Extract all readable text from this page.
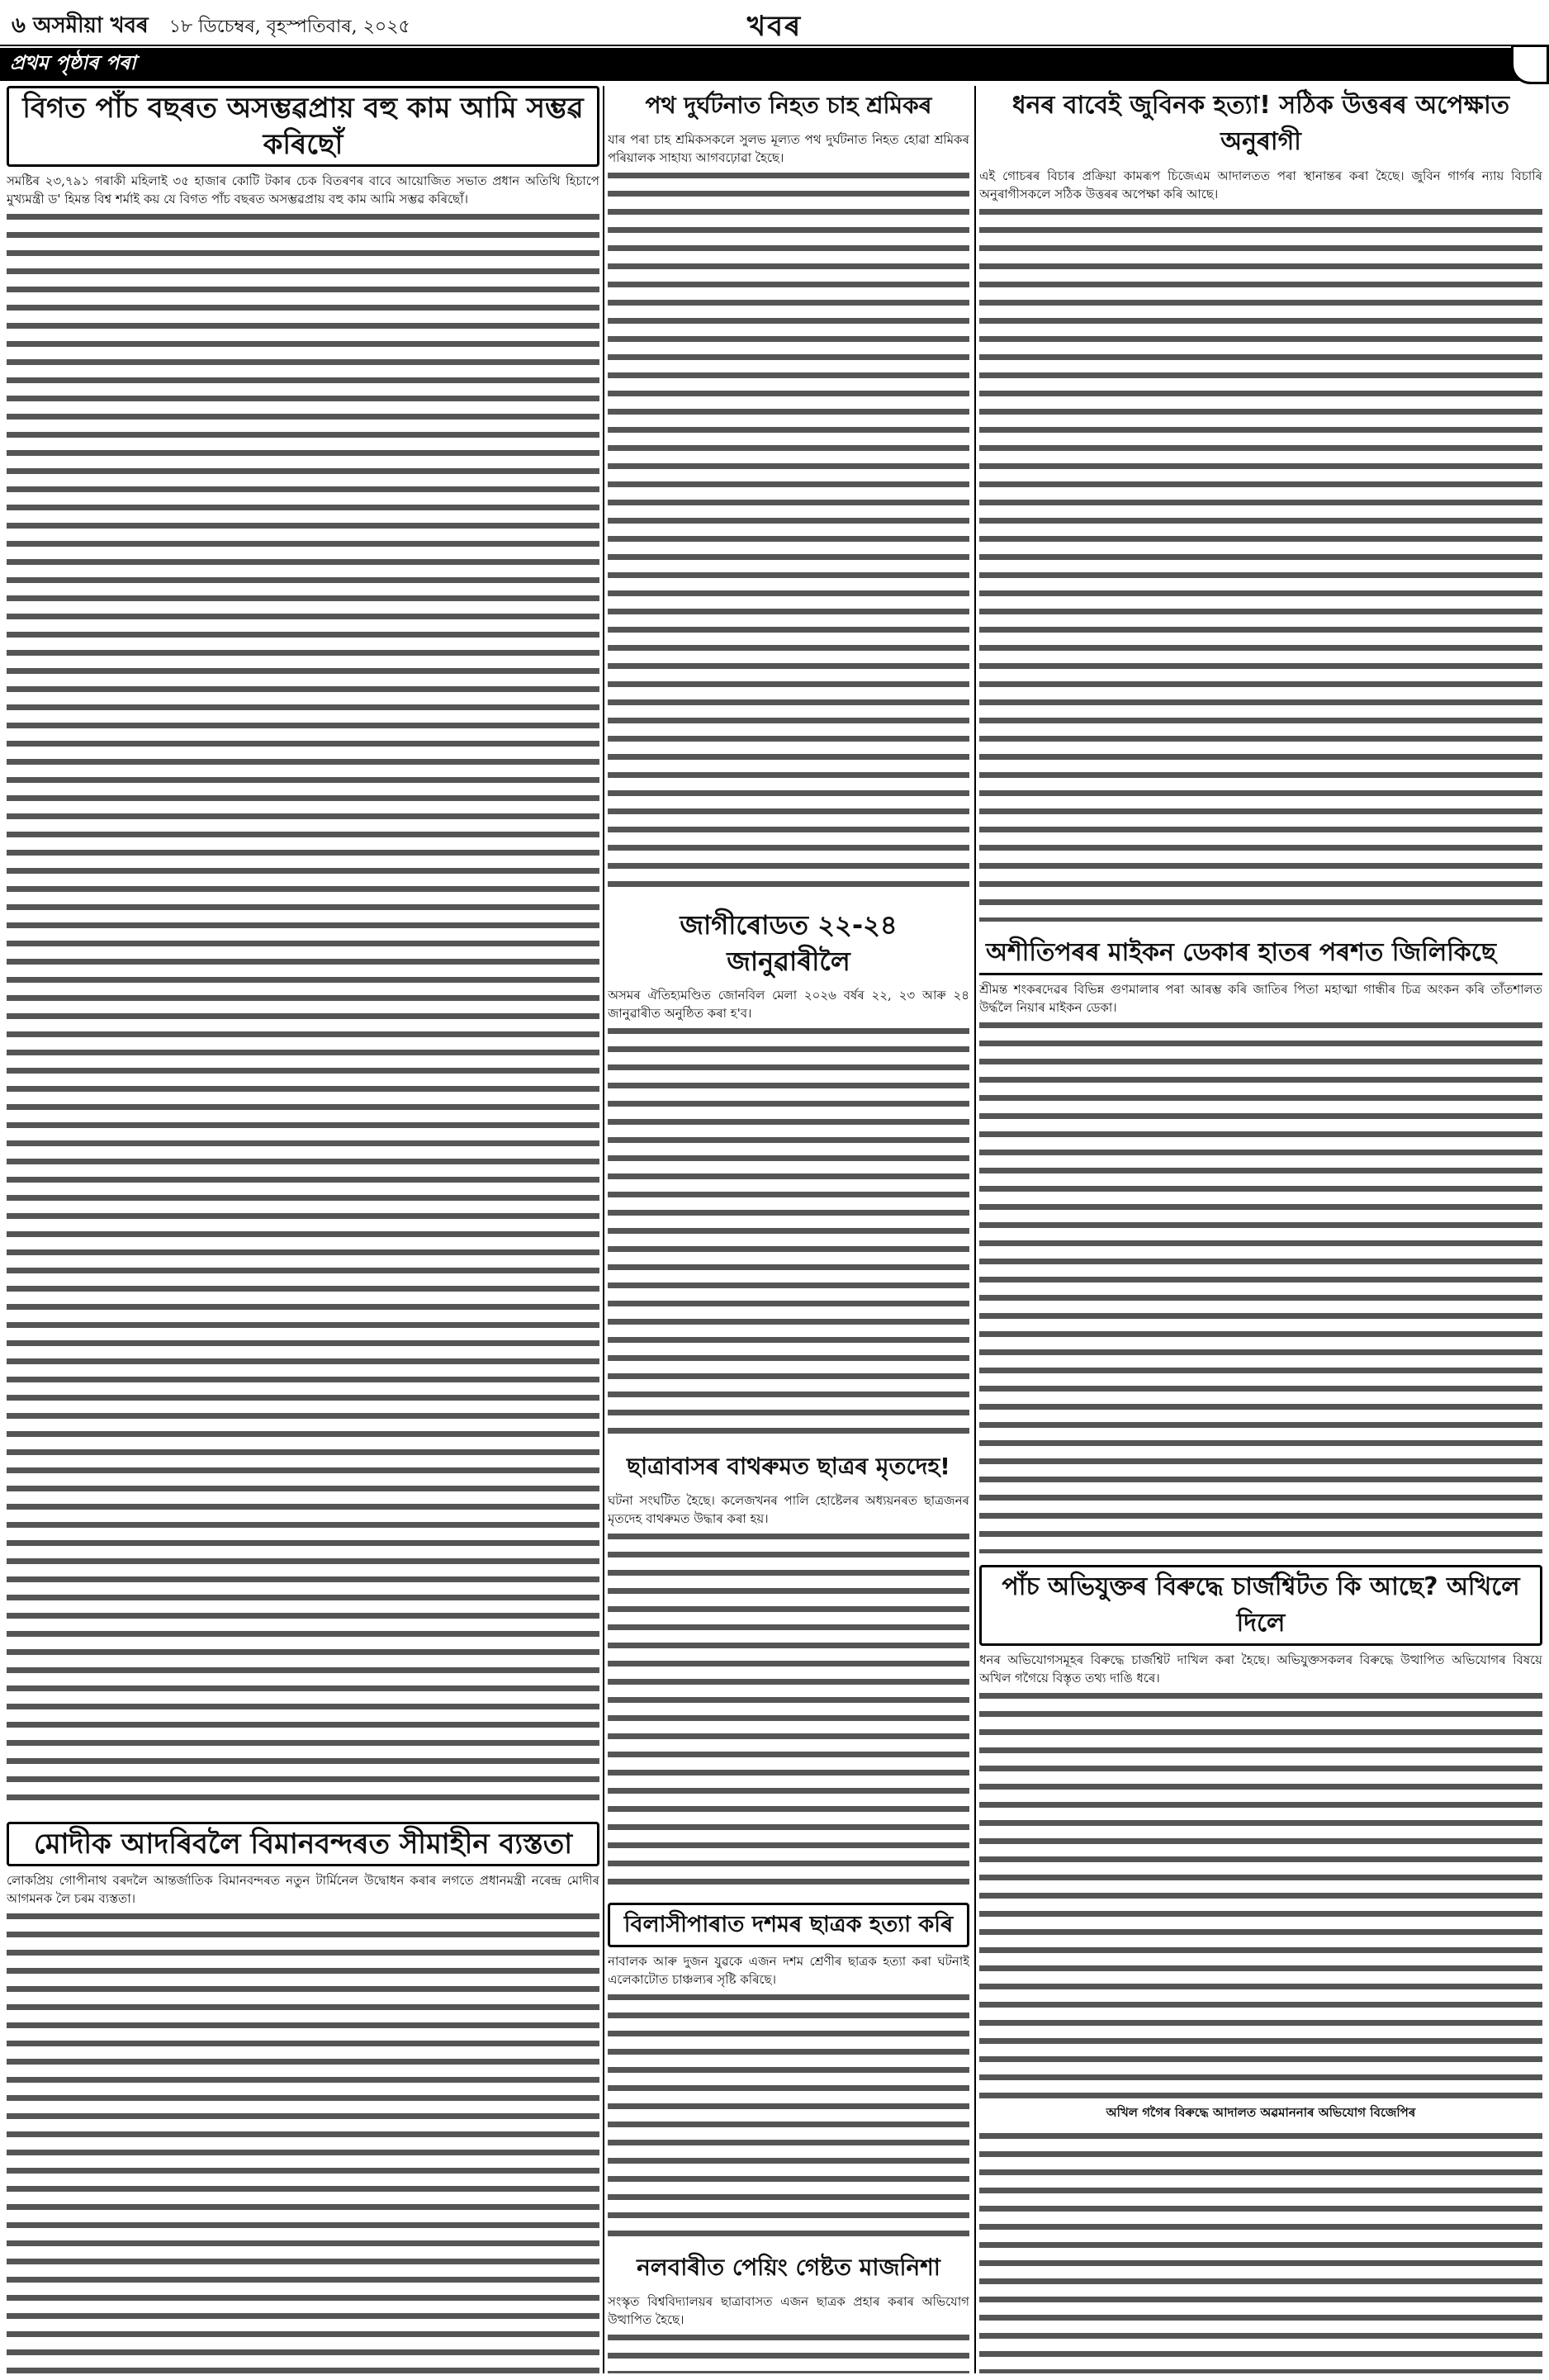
৬ অসমীয়া খবৰ ১৮ ডিচেম্বৰ, বৃহস্পতিবাৰ, ২০২৫	খবৰ
প্ৰথম পৃষ্ঠাৰ পৰা
বিগত পাঁচ বছৰত অসম্ভৱপ্ৰায় বহু কাম আমি সম্ভৱ কৰিছোঁ

সমষ্টিৰ ২৩,৭৯১ গৰাকী মহিলাই ৩৫ হাজাৰ কোটি টকাৰ চেক বিতৰণৰ বাবে আয়োজিত সভাত প্ৰধান অতিথি হিচাপে মুখ্যমন্ত্ৰী ড' হিমন্ত বিশ্ব শৰ্মাই কয় যে বিগত পাঁচ বছৰত অসম্ভৱপ্ৰায় বহু কাম আমি সম্ভৱ কৰিছোঁ।

মোদীক আদৰিবলৈ বিমানবন্দৰত সীমাহীন ব্যস্ততা

লোকপ্ৰিয় গোপীনাথ বৰদলৈ আন্তৰ্জাতিক বিমানবন্দৰত নতুন টাৰ্মিনেল উদ্বোধন কৰাৰ লগতে প্ৰধানমন্ত্ৰী নৰেন্দ্ৰ মোদীৰ আগমনক লৈ চৰম ব্যস্ততা।

পথ দুৰ্ঘটনাত নিহত চাহ শ্ৰমিকৰ

যাৰ পৰা চাহ শ্ৰমিকসকলে সুলভ মূল্যত পথ দুৰ্ঘটনাত নিহত হোৱা শ্ৰমিকৰ পৰিয়ালক সাহায্য আগবঢ়োৱা হৈছে।

জাগীৰোডত ২২-২৪ জানুৱাৰীলৈ

অসমৰ ঐতিহ্যমণ্ডিত জোনবিল মেলা ২০২৬ বৰ্ষৰ ২২, ২৩ আৰু ২৪ জানুৱাৰীত অনুষ্ঠিত কৰা হ'ব।

ছাত্ৰাবাসৰ বাথৰুমত ছাত্ৰৰ মৃতদেহ!

ঘটনা সংঘটিত হৈছে। কলেজখনৰ পালি হোষ্টেলৰ অধ্যয়নৰত ছাত্ৰজনৰ মৃতদেহ বাথৰুমত উদ্ধাৰ কৰা হয়।

বিলাসীপাৰাত দশমৰ ছাত্ৰক হত্যা কৰি

নাবালক আৰু দুজন যুৱকে এজন দশম শ্ৰেণীৰ ছাত্ৰক হত্যা কৰা ঘটনাই এলেকাটোত চাঞ্চল্যৰ সৃষ্টি কৰিছে।

নলবাৰীত পেয়িং গেষ্টত মাজনিশা

সংস্কৃত বিশ্ববিদ্যালয়ৰ ছাত্ৰাবাসত এজন ছাত্ৰক প্ৰহাৰ কৰাৰ অভিযোগ উত্থাপিত হৈছে।

ধনৰ বাবেই জুবিনক হত্যা! সঠিক উত্তৰৰ অপেক্ষাত অনুৰাগী

এই গোচৰৰ বিচাৰ প্ৰক্ৰিয়া কামৰূপ চিজেএম আদালতত পৰা স্থানান্তৰ কৰা হৈছে। জুবিন গাৰ্গৰ ন্যায় বিচাৰি অনুৰাগীসকলে সঠিক উত্তৰৰ অপেক্ষা কৰি আছে।

অশীতিপৰৰ মাইকন ডেকাৰ হাতৰ পৰশত জিলিকিছে

শ্ৰীমন্ত শংকৰদেৱৰ বিভিন্ন গুণমালাৰ পৰা আৰম্ভ কৰি জাতিৰ পিতা মহাত্মা গান্ধীৰ চিত্ৰ অংকন কৰি তাঁতশালত উৰ্দ্ধলৈ নিয়াৰ মাইকন ডেকা।

পাঁচ অভিযুক্তৰ বিৰুদ্ধে চাৰ্জশ্বিটত কি আছে? অখিলে দিলে

ধনৰ অভিযোগসমূহৰ বিৰুদ্ধে চাৰ্জশ্বিট দাখিল কৰা হৈছে। অভিযুক্তসকলৰ বিৰুদ্ধে উত্থাপিত অভিযোগৰ বিষয়ে অখিল গগৈয়ে বিস্তৃত তথ্য দাঙি ধৰে।

অখিল গগৈৰ বিৰুদ্ধে আদালত অৱমাননাৰ অভিযোগ বিজেপিৰ
